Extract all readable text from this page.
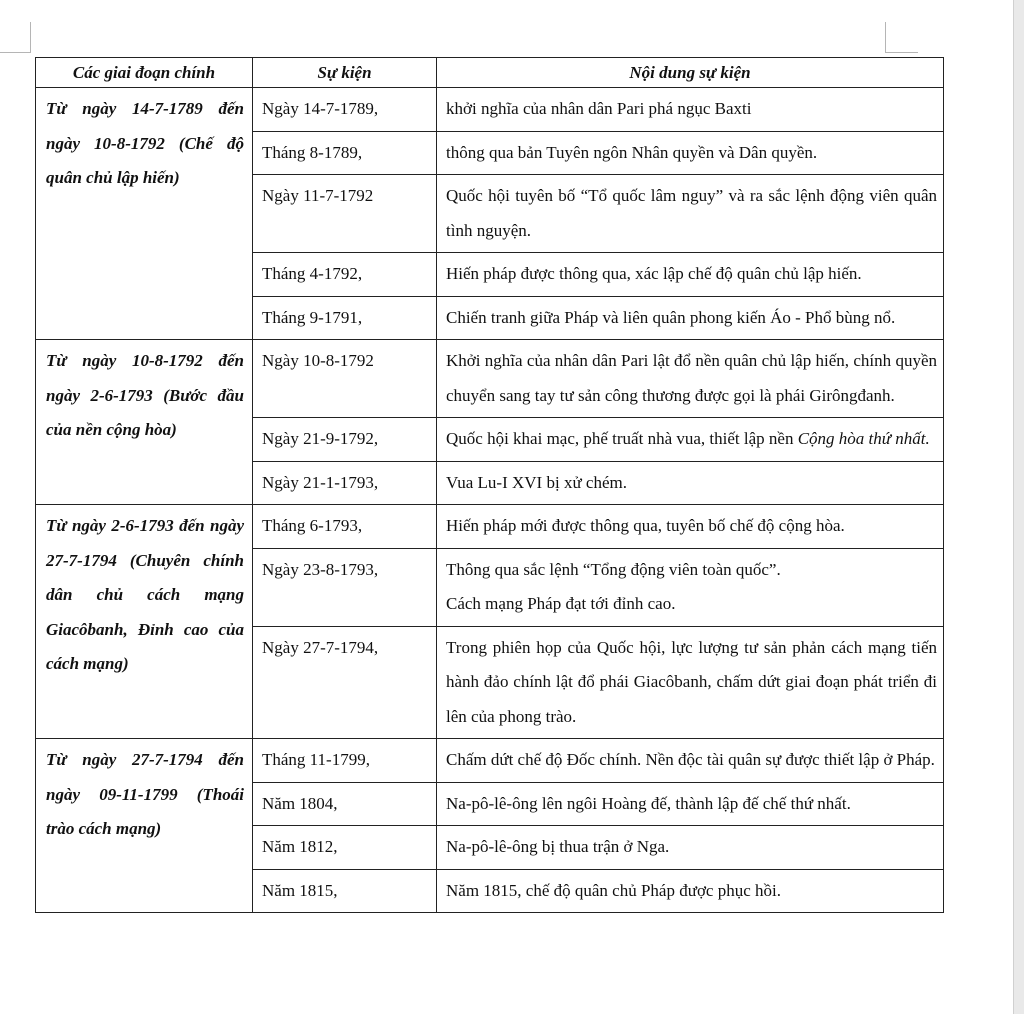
Các giai đoạn chính	Sự kiện	Nội dung sự kiện
Từ ngày 14-7-1789 đến ngày 10-8-1792 (Chế độ quân chủ lập hiến)	Ngày 14-7-1789,	khởi nghĩa của nhân dân Pari phá ngục Baxti
	Tháng 8-1789,	thông qua bản Tuyên ngôn Nhân quyền và Dân quyền.
	Ngày 11-7-1792	Quốc hội tuyên bố “Tổ quốc lâm nguy” và ra sắc lệnh động viên quân tình nguyện.
	Tháng 4-1792,	Hiến pháp được thông qua, xác lập chế độ quân chủ lập hiến.
	Tháng 9-1791,	Chiến tranh giữa Pháp và liên quân phong kiến Áo - Phổ bùng nổ.
Từ ngày 10-8-1792 đến ngày 2-6-1793 (Bước đầu của nền cộng hòa)	Ngày 10-8-1792	Khởi nghĩa của nhân dân Pari lật đổ nền quân chủ lập hiến, chính quyền chuyển sang tay tư sản công thương được gọi là phái Girôngđanh.
	Ngày 21-9-1792,	Quốc hội khai mạc, phế truất nhà vua, thiết lập nền Cộng hòa thứ nhất.
	Ngày 21-1-1793,	Vua Lu-I XVI bị xử chém.
Từ ngày 2-6-1793 đến ngày 27-7-1794 (Chuyên chính dân chủ cách mạng Giacôbanh, Đỉnh cao của cách mạng)	Tháng 6-1793,	Hiến pháp mới được thông qua, tuyên bố chế độ cộng hòa.
	Ngày 23-8-1793,	Thông qua sắc lệnh “Tổng động viên toàn quốc”.
Cách mạng Pháp đạt tới đỉnh cao.

	Ngày 27-7-1794,	Trong phiên họp của Quốc hội, lực lượng tư sản phản cách mạng tiến hành đảo chính lật đổ phái Giacôbanh, chấm dứt giai đoạn phát triển đi lên của phong trào.
Từ ngày 27-7-1794 đến ngày 09-11-1799 (Thoái trào cách mạng)	Tháng 11-1799,	Chấm dứt chế độ Đốc chính. Nền độc tài quân sự được thiết lập ở Pháp.
	Năm 1804,	Na-pô-lê-ông lên ngôi Hoàng đế, thành lập đế chế thứ nhất.
	Năm 1812,	Na-pô-lê-ông bị thua trận ở Nga.
	Năm 1815,	Năm 1815, chế độ quân chủ Pháp được phục hồi.
